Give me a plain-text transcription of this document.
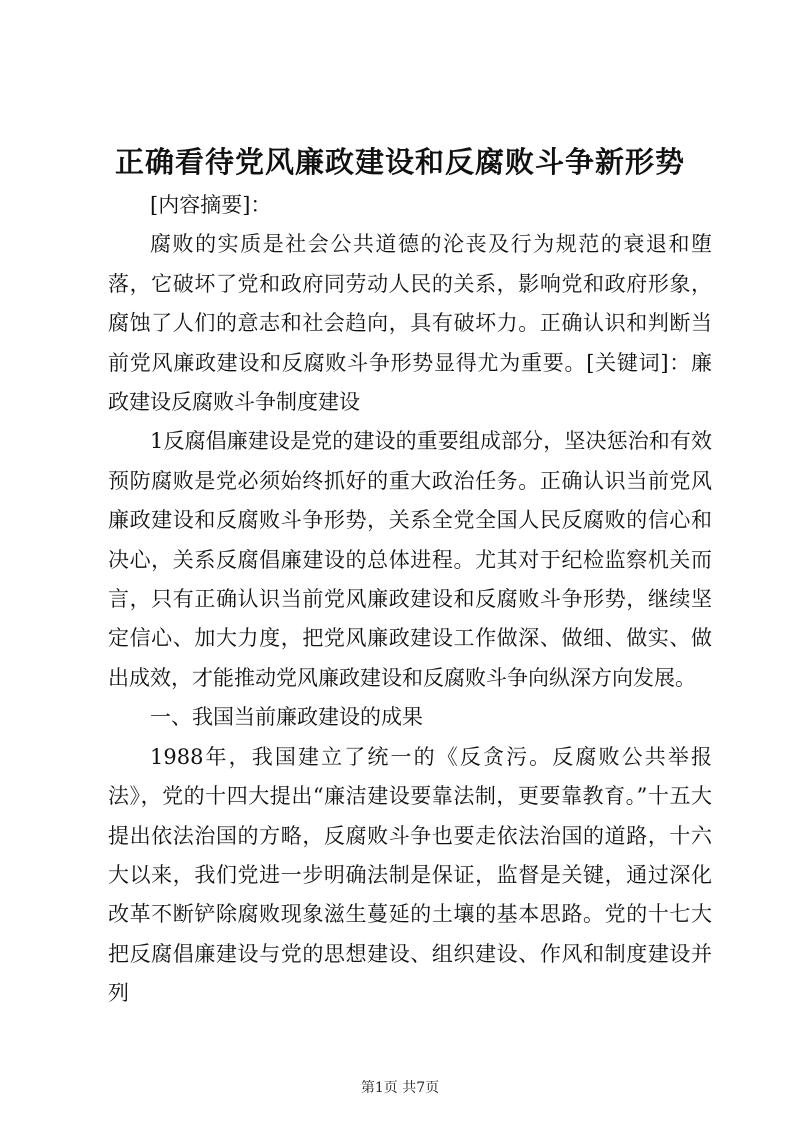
正确看待党风廉政建设和反腐败斗争新形势

[内容摘要]：

腐败的实质是社会公共道德的沦丧及行为规范的衰退和堕落，它破坏了党和政府同劳动人民的关系，影响党和政府形象，腐蚀了人们的意志和社会趋向，具有破坏力。正确认识和判断当前党风廉政建设和反腐败斗争形势显得尤为重要。[关键词]：廉政建设反腐败斗争制度建设

1反腐倡廉建设是党的建设的重要组成部分，坚决惩治和有效预防腐败是党必须始终抓好的重大政治任务。正确认识当前党风廉政建设和反腐败斗争形势，关系全党全国人民反腐败的信心和决心，关系反腐倡廉建设的总体进程。尤其对于纪检监察机关而言，只有正确认识当前党风廉政建设和反腐败斗争形势，继续坚定信心、加大力度，把党风廉政建设工作做深、做细、做实、做出成效，才能推动党风廉政建设和反腐败斗争向纵深方向发展。

一、我国当前廉政建设的成果

1988年，我国建立了统一的《反贪污。反腐败公共举报法》，党的十四大提出“廉洁建设要靠法制，更要靠教育。”十五大提出依法治国的方略，反腐败斗争也要走依法治国的道路，十六大以来，我们党进一步明确法制是保证，监督是关键，通过深化改革不断铲除腐败现象滋生蔓延的土壤的基本思路。党的十七大把反腐倡廉建设与党的思想建设、组织建设、作风和制度建设并列

第1页 共7页
